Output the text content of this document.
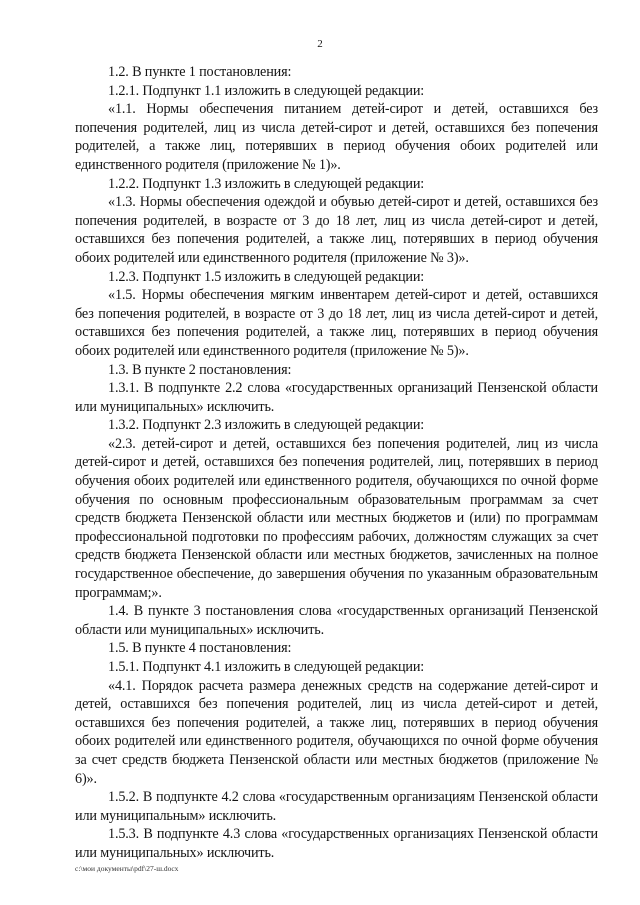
2

1.2. В пункте 1 постановления:

1.2.1. Подпункт 1.1 изложить в следующей редакции:

«1.1. Нормы обеспечения питанием детей-сирот и детей, оставшихся без попечения родителей, лиц из числа детей-сирот и детей, оставшихся без попечения родителей, а также лиц, потерявших в период обучения обоих родителей или единственного родителя (приложение № 1)».

1.2.2. Подпункт 1.3 изложить в следующей редакции:

«1.3. Нормы обеспечения одеждой и обувью детей-сирот и детей, оставшихся без попечения родителей, в возрасте от 3 до 18 лет, лиц из числа детей-сирот и детей, оставшихся без попечения родителей, а также лиц, потерявших в период обучения обоих родителей или единственного родителя (приложение № 3)».

1.2.3. Подпункт 1.5 изложить в следующей редакции:

«1.5. Нормы обеспечения мягким инвентарем детей-сирот и детей, оставшихся без попечения родителей, в возрасте от 3 до 18 лет, лиц из числа детей-сирот и детей, оставшихся без попечения родителей, а также лиц, потерявших в период обучения обоих родителей или единственного родителя (приложение № 5)».

1.3. В пункте 2 постановления:

1.3.1. В подпункте 2.2 слова «государственных организаций Пензенской области или муниципальных» исключить.

1.3.2. Подпункт 2.3 изложить в следующей редакции:

«2.3. детей-сирот и детей, оставшихся без попечения родителей, лиц из числа детей-сирот и детей, оставшихся без попечения родителей, лиц, потерявших в период обучения обоих родителей или единственного родителя, обучающихся по очной форме обучения по основным профессиональным образовательным программам за счет средств бюджета Пензенской области или местных бюджетов и (или) по программам профессиональной подготовки по профессиям рабочих, должностям служащих за счет средств бюджета Пензенской области или местных бюджетов, зачисленных на полное государственное обеспечение, до завершения обучения по указанным образовательным программам;».

1.4. В пункте 3 постановления слова «государственных организаций Пензенской области или муниципальных» исключить.

1.5. В пункте 4 постановления:

1.5.1. Подпункт 4.1 изложить в следующей редакции:

«4.1. Порядок расчета размера денежных средств на содержание детей-сирот и детей, оставшихся без попечения родителей, лиц из числа детей-сирот и детей, оставшихся без попечения родителей, а также лиц, потерявших в период обучения обоих родителей или единственного родителя, обучающихся по очной форме обучения за счет средств бюджета Пензенской области или местных бюджетов (приложение № 6)».

1.5.2. В подпункте 4.2 слова «государственным организациям Пензенской области или муниципальным» исключить.

1.5.3. В подпункте 4.3 слова «государственных организациях Пензенской области или муниципальных» исключить.

c:\мои документы\pdf\27-ш.docx
